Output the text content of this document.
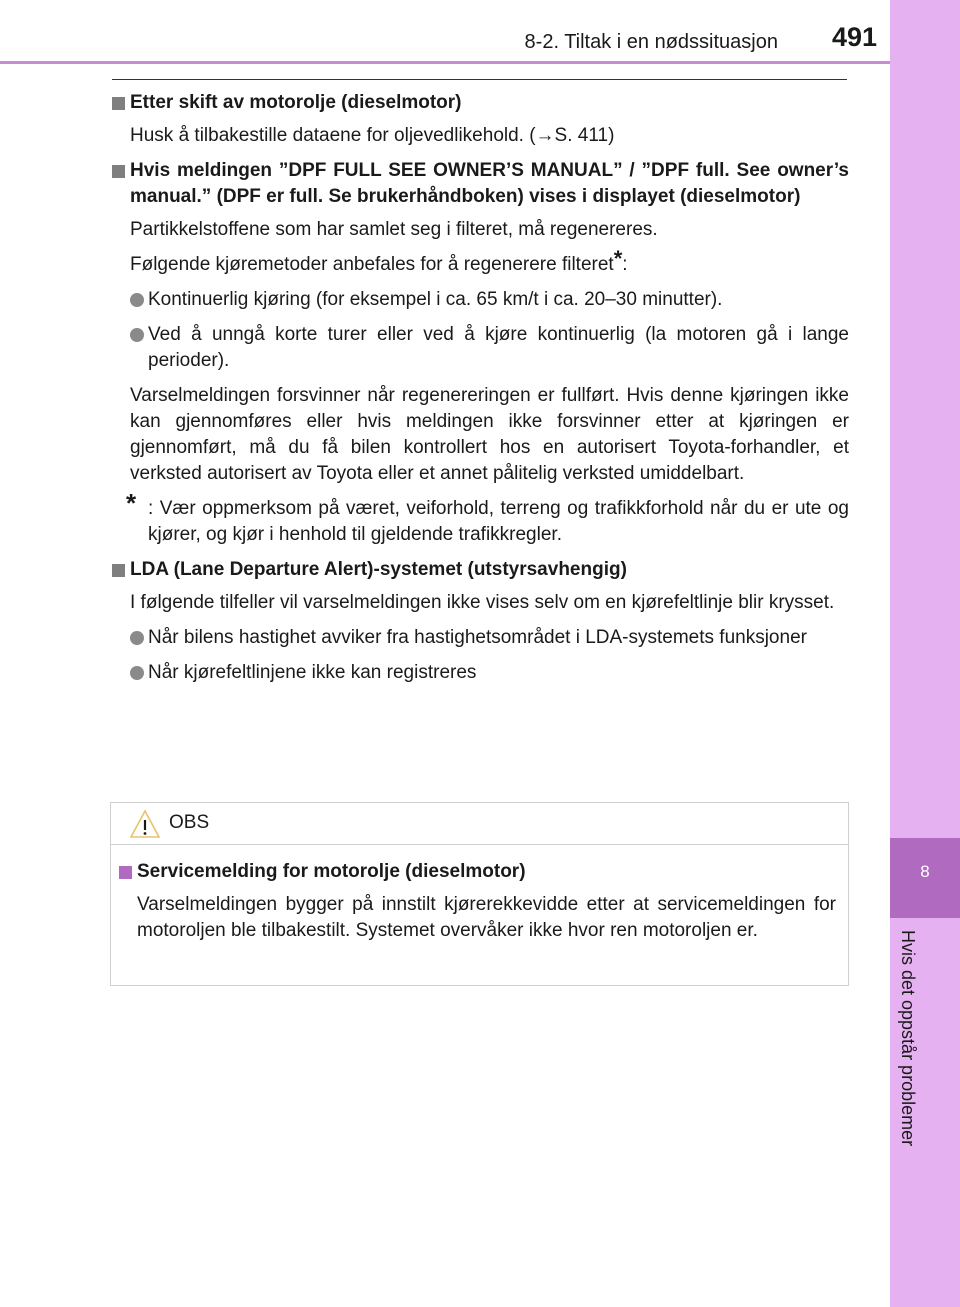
8-2. Tiltak i en nødssituasjon 491
8
Hvis det oppstår problemer
Etter skift av motorolje (dieselmotor)
Husk å tilbakestille dataene for oljevedlikehold. (→S. 411)
Hvis meldingen ”DPF FULL SEE OWNER’S MANUAL” / ”DPF full. See owner’s manual.” (DPF er full. Se brukerhåndboken) vises i displayet (dieselmotor)
Partikkelstoffene som har samlet seg i filteret, må regenereres.
Følgende kjøremetoder anbefales for å regenerere filteret*:
Kontinuerlig kjøring (for eksempel i ca. 65 km/t i ca. 20–30 minutter).
Ved å unngå korte turer eller ved å kjøre kontinuerlig (la motoren gå i lange perioder).
Varselmeldingen forsvinner når regenereringen er fullført. Hvis denne kjøringen ikke kan gjennomføres eller hvis meldingen ikke forsvinner etter at kjøringen er gjennomført, må du få bilen kontrollert hos en autorisert Toyota-forhandler, et verksted autorisert av Toyota eller et annet pålitelig verksted umiddelbart.
* : Vær oppmerksom på været, veiforhold, terreng og trafikkforhold når du er ute og kjører, og kjør i henhold til gjeldende trafikkregler.
LDA (Lane Departure Alert)-systemet (utstyrsavhengig)
I følgende tilfeller vil varselmeldingen ikke vises selv om en kjørefeltlinje blir krysset.
Når bilens hastighet avviker fra hastighetsområdet i LDA-systemets funksjoner
Når kjørefeltlinjene ikke kan registreres
OBS
Servicemelding for motorolje (dieselmotor)
Varselmeldingen bygger på innstilt kjørerekkevidde etter at servicemeldingen for motoroljen ble tilbakestilt. Systemet overvåker ikke hvor ren motoroljen er.
